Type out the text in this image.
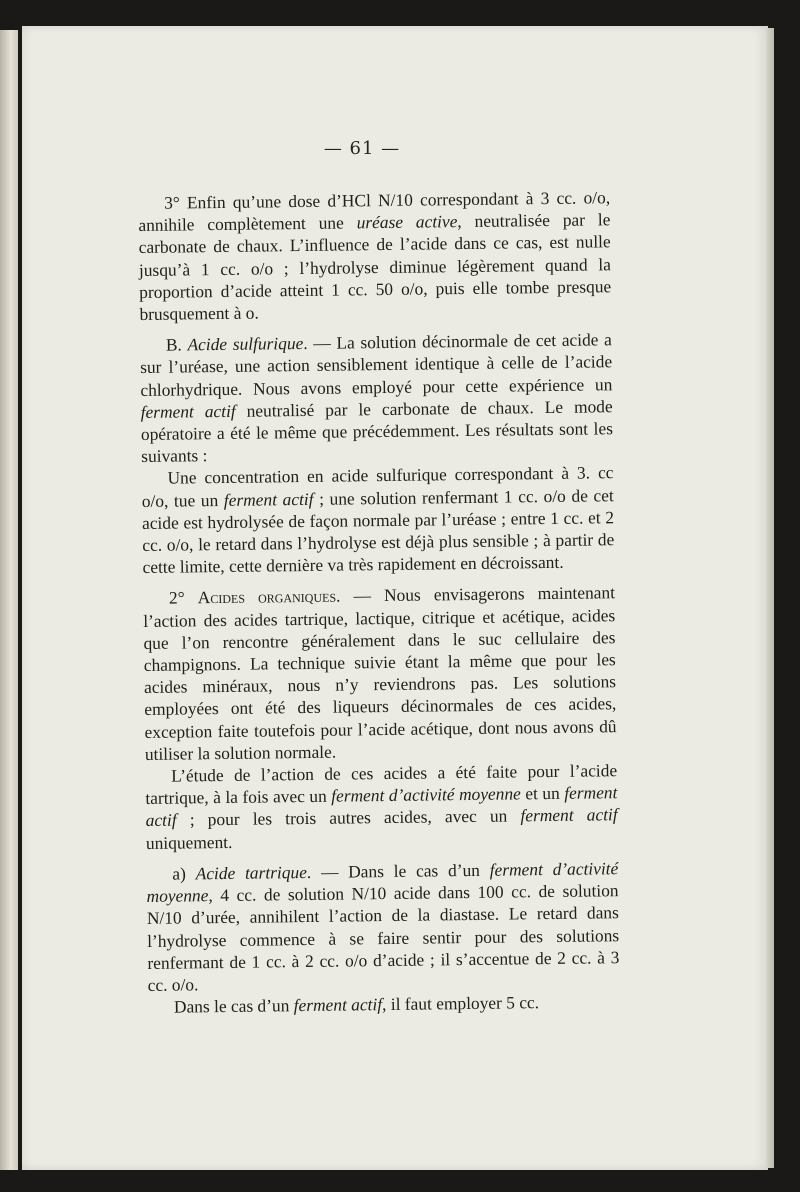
— 61 —

3° Enfin qu’une dose d’HCl N/10 correspondant à 3 cc. o/o, annihile complètement une uréase active, neutralisée par le carbonate de chaux. L’influence de l’acide dans ce cas, est nulle jusqu’à 1 cc. o/o ; l’hydrolyse diminue légèrement quand la proportion d’acide atteint 1 cc. 50 o/o, puis elle tombe presque brusquement à o.

B. Acide sulfurique. — La solution décinormale de cet acide a sur l’uréase, une action sensiblement identique à celle de l’acide chlorhydrique. Nous avons employé pour cette expérience un ferment actif neutralisé par le carbonate de chaux. Le mode opératoire a été le même que précédemment. Les résultats sont les suivants :

Une concentration en acide sulfurique correspondant à 3. cc o/o, tue un ferment actif ; une solution renfermant 1 cc. o/o de cet acide est hydrolysée de façon normale par l’uréase ; entre 1 cc. et 2 cc. o/o, le retard dans l’hydrolyse est déjà plus sensible ; à partir de cette limite, cette dernière va très rapidement en décroissant.

2° Acides organiques. — Nous envisagerons maintenant l’action des acides tartrique, lactique, citrique et acétique, acides que l’on rencontre généralement dans le suc cellulaire des champignons. La technique suivie étant la même que pour les acides minéraux, nous n’y reviendrons pas. Les solutions employées ont été des liqueurs décinormales de ces acides, exception faite toutefois pour l’acide acétique, dont nous avons dû utiliser la solution normale.

L’étude de l’action de ces acides a été faite pour l’acide tartrique, à la fois avec un ferment d’activité moyenne et un ferment actif ; pour les trois autres acides, avec un ferment actif uniquement.

a) Acide tartrique. — Dans le cas d’un ferment d’activité moyenne, 4 cc. de solution N/10 acide dans 100 cc. de solution N/10 d’urée, annihilent l’action de la diastase. Le retard dans l’hydrolyse commence à se faire sentir pour des solutions renfermant de 1 cc. à 2 cc. o/o d’acide ; il s’accentue de 2 cc. à 3 cc. o/o.

Dans le cas d’un ferment actif, il faut employer 5 cc.
